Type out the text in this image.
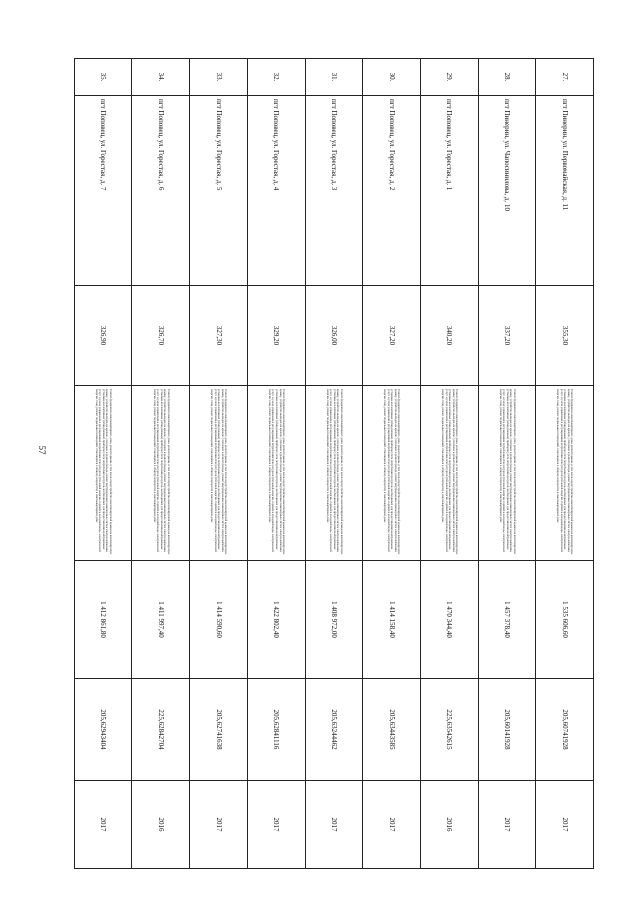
57
27.	пгт Пинерин, ул. Первомайская, д. 11	355,30	Ремонт фундамента многоквартирного дома, ремонт крыши, в том числе переустройство невентилируемой крыши на вентилируемую крышу, устройство выходов на кровлю, утепление и ремонт фасада, ремонт внутридомовых инженерных систем электроснабжения, установка коллективных (общедомовых) приборов учета потребления ресурсов, необходимых для предоставления коммунальных услуг, и узлов управления и регулирования потребления этих ресурсов (тепловой энергии, горячей и холодной воды, электрической энергии, газа), ремонт подвальных помещений, относящихся к общему имуществу в многоквартирном доме	1 535 606,60	205,60741928	2017
28.	пгт Пинерин, ул. Чапосинилова, д. 10	337,20	Ремонт фундамента многоквартирного дома, ремонт крыши, в том числе переустройство невентилируемой крыши на вентилируемую крышу, устройство выходов на кровлю, утепление и ремонт фасада, ремонт внутридомовых инженерных систем электроснабжения, установка коллективных (общедомовых) приборов учета потребления ресурсов, необходимых для предоставления коммунальных услуг, и узлов управления и регулирования потребления этих ресурсов (тепловой энергии, горячей и холодной воды, электрической энергии, газа), ремонт подвальных помещений, относящихся к общему имуществу в многоквартирном доме	1 457 378,40	205,60141928	2017
29.	пгт Поповец, ул. Горестая, д. 1	340,20	Ремонт фундамента многоквартирного дома, ремонт крыши, в том числе переустройство невентилируемой крыши на вентилируемую крышу, устройство выходов на кровлю, утепление и ремонт фасада, ремонт внутридомовых инженерных систем электроснабжения, установка коллективных (общедомовых) приборов учета потребления ресурсов, необходимых для предоставления коммунальных услуг, и узлов управления и регулирования потребления этих ресурсов (тепловой энергии, горячей и холодной воды, электрической энергии, газа), ремонт подвальных помещений, относящихся к общему имуществу в многоквартирном доме	1 470 344,40	225,63542615	2016
30.	пгт Поповец, ул. Горестая, д. 2	327,20	Ремонт фундамента многоквартирного дома, ремонт крыши, в том числе переустройство невентилируемой крыши на вентилируемую крышу, устройство выходов на кровлю, утепление и ремонт фасада, ремонт внутридомовых инженерных систем электроснабжения, установка коллективных (общедомовых) приборов учета потребления ресурсов, необходимых для предоставления коммунальных услуг, и узлов управления и регулирования потребления этих ресурсов (тепловой энергии, горячей и холодной воды, электрической энергии, газа), ремонт подвальных помещений, относящихся к общему имуществу в многоквартирном доме	1 414 158,40	205,63443585	2017
31.	пгт Поповец, ул. Горестая, д. 3	326,00	Ремонт фундамента многоквартирного дома, ремонт крыши, в том числе переустройство невентилируемой крыши на вентилируемую крышу, устройство выходов на кровлю, утепление и ремонт фасада, ремонт внутридомовых инженерных систем электроснабжения, установка коллективных (общедомовых) приборов учета потребления ресурсов, необходимых для предоставления коммунальных услуг, и узлов управления и регулирования потребления этих ресурсов (тепловой энергии, горячей и холодной воды, электрической энергии, газа), ремонт подвальных помещений, относящихся к общему имуществу в многоквартирном доме	1 408 972,00	205,63244462	2017
32.	пгт Поповец, ул. Горестая, д. 4	329,20	Ремонт фундамента многоквартирного дома, ремонт крыши, в том числе переустройство невентилируемой крыши на вентилируемую крышу, устройство выходов на кровлю, утепление и ремонт фасада, ремонт внутридомовых инженерных систем электроснабжения, установка коллективных (общедомовых) приборов учета потребления ресурсов, необходимых для предоставления коммунальных услуг, и узлов управления и регулирования потребления этих ресурсов (тепловой энергии, горячей и холодной воды, электрической энергии, газа), ремонт подвальных помещений, относящихся к общему имуществу в многоквартирном доме	1 422 802,40	205,62841116	2017
33.	пгт Поповец, ул. Горестая, д. 5	327,30	Ремонт фундамента многоквартирного дома, ремонт крыши, в том числе переустройство невентилируемой крыши на вентилируемую крышу, устройство выходов на кровлю, утепление и ремонт фасада, ремонт внутридомовых инженерных систем электроснабжения, установка коллективных (общедомовых) приборов учета потребления ресурсов, необходимых для предоставления коммунальных услуг, и узлов управления и регулирования потребления этих ресурсов (тепловой энергии, горячей и холодной воды, электрической энергии, газа), ремонт подвальных помещений, относящихся к общему имуществу в многоквартирном доме	1 414 590,60	205,62741638	2017
34.	пгт Поповец, ул. Горестая, д. 6	326,70	Ремонт фундамента многоквартирного дома, ремонт крыши, в том числе переустройство невентилируемой крыши на вентилируемую крышу, устройство выходов на кровлю, утепление и ремонт фасада, ремонт внутридомовых инженерных систем электроснабжения, установка коллективных (общедомовых) приборов учета потребления ресурсов, необходимых для предоставления коммунальных услуг, и узлов управления и регулирования потребления этих ресурсов (тепловой энергии, горячей и холодной воды, электрической энергии, газа), ремонт подвальных помещений, относящихся к общему имуществу в многоквартирном доме	1 411 997,40	225,62842704	2016
35.	пгт Поповец, ул. Горестая, д. 7	326,90	Ремонт фундамента многоквартирного дома, ремонт крыши, в том числе переустройство невентилируемой крыши на вентилируемую крышу, устройство выходов на кровлю, утепление и ремонт фасада, ремонт внутридомовых инженерных систем электроснабжения, установка коллективных (общедомовых) приборов учета потребления ресурсов, необходимых для предоставления коммунальных услуг, и узлов управления и регулирования потребления этих ресурсов (тепловой энергии, горячей и холодной воды, электрической энергии, газа), ремонт подвальных помещений, относящихся к общему имуществу в многоквартирном доме	1 412 861,80	205,62943404	2017
